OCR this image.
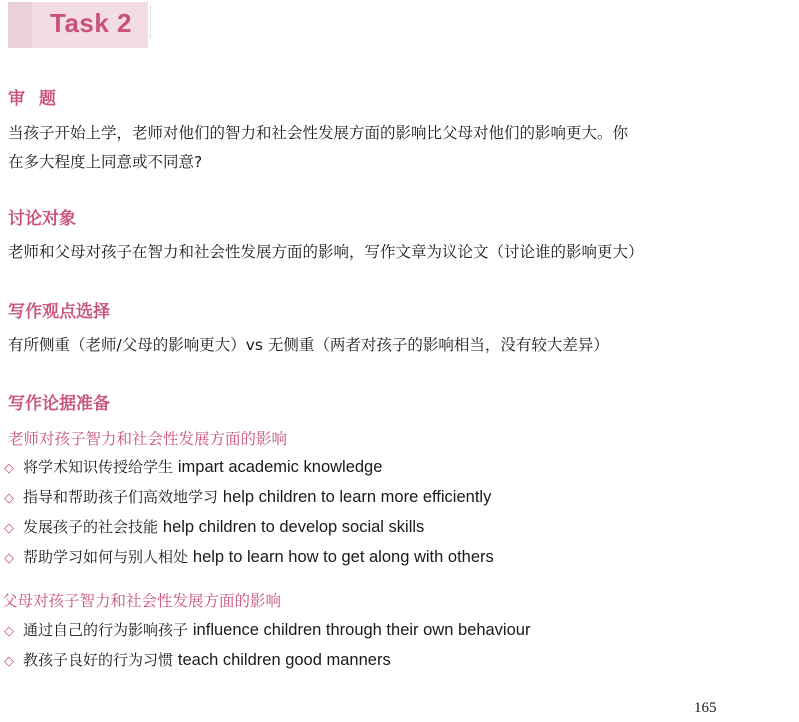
Task 2
审题
当孩子开始上学，老师对他们的智力和社会性发展方面的影响比父母对他们的影响更大。你
在多大程度上同意或不同意?
讨论对象
老师和父母对孩子在智力和社会性发展方面的影响，写作文章为议论文（讨论谁的影响更大）
写作观点选择
有所侧重（老师/父母的影响更大）vs 无侧重（两者对孩子的影响相当，没有较大差异）
写作论据准备
老师对孩子智力和社会性发展方面的影响
◇ 将学术知识传授给学生 impart academic knowledge
◇ 指导和帮助孩子们高效地学习 help children to learn more efficiently
◇ 发展孩子的社会技能 help children to develop social skills
◇ 帮助学习如何与别人相处 help to learn how to get along with others
父母对孩子智力和社会性发展方面的影响
◇ 通过自己的行为影响孩子 influence children through their own behaviour
◇ 教孩子良好的行为习惯 teach children good manners
165
